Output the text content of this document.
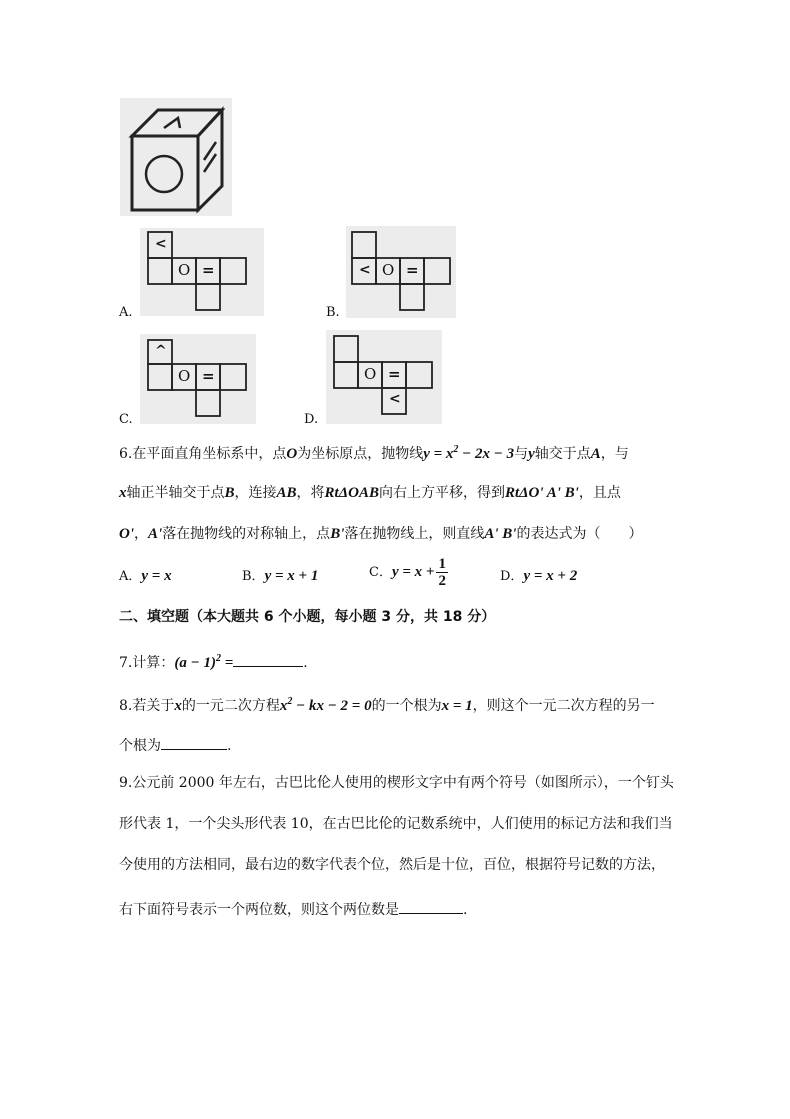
<
O =
A.
< O =
B.
^
O =
C.
O =
<
D.
6.在平面直角坐标系中，点O为坐标原点，抛物线$y = x^2 - 2x - 3$与y轴交于点A，与
x轴正半轴交于点B，连接AB，将RtΔOAB向右上方平移，得到RtΔO' A' B'，且点
O'，A'落在抛物线的对称轴上，点B'落在抛物线上，则直线A' B'的表达式为（　　）
A．y = x	B．y = x + 1	C．$y = x + \frac{1}{2}$	D．y = x + 2
二、填空题（本大题共 6 个小题，每小题 3 分，共 18 分）
7.计算：$(a - 1)^2$ =	.
8.若关于x的一元二次方程$x^2$ − kx − 2 = 0的一个根为x = 1，则这个一元二次方程的另一
个根为	.
9.公元前 2000 年左右，古巴比伦人使用的楔形文字中有两个符号（如图所示），一个钉头
形代表 1，一个尖头形代表 10，在古巴比伦的记数系统中，人们使用的标记方法和我们当
今使用的方法相同，最右边的数字代表个位，然后是十位，百位，根据符号记数的方法，
右下面符号表示一个两位数，则这个两位数是	.
